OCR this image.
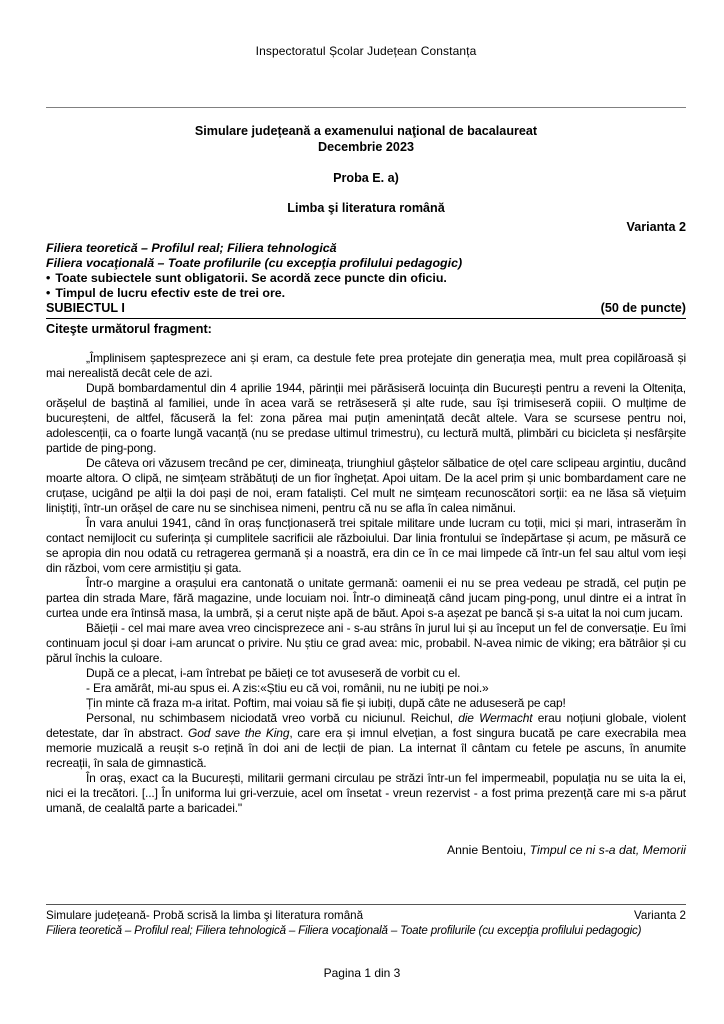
Inspectoratul Școlar Județean Constanța
Simulare județeană a examenului naţional de bacalaureat
Decembrie 2023
Proba E. a)
Limba şi literatura română
Varianta 2
Filiera teoretică – Profilul real; Filiera tehnologică
Filiera vocaţională – Toate profilurile (cu excepţia profilului pedagogic)
• Toate subiectele sunt obligatorii. Se acordă zece puncte din oficiu.
• Timpul de lucru efectiv este de trei ore.
SUBIECTUL I	(50 de puncte)
Citeşte următorul fragment:

„Împlinisem șaptesprezece ani și eram, ca destule fete prea protejate din generația mea, mult prea copilăroasă și mai nerealistă decât cele de azi.

După bombardamentul din 4 aprilie 1944, părinții mei părăsiseră locuința din București pentru a reveni la Oltenița, orășelul de baștină al familiei, unde în acea vară se retrăseseră și alte rude, sau își trimiseseră copiii. O mulțime de bucureșteni, de altfel, făcuseră la fel: zona părea mai puțin amenințată decât altele. Vara se scursese pentru noi, adolescenții, ca o foarte lungă vacanță (nu se predase ultimul trimestru), cu lectură multă, plimbări cu bicicleta și nesfârșite partide de ping-pong.

De câteva ori văzusem trecând pe cer, dimineața, triunghiul gâștelor sălbatice de oțel care sclipeau argintiu, ducând moarte altora. O clipă, ne simțeam străbătuți de un fior înghețat. Apoi uitam. De la acel prim și unic bombardament care ne cruțase, ucigând pe alții la doi pași de noi, eram fataliști. Cel mult ne simțeam recunoscători sorții: ea ne lăsa să viețuim liniștiți, într-un orășel de care nu se sinchisea nimeni, pentru că nu se afla în calea nimănui.

În vara anului 1941, când în oraș funcționaseră trei spitale militare unde lucram cu toții, mici și mari, intraserăm în contact nemijlocit cu suferința și cumplitele sacrificii ale războiului. Dar linia frontului se îndepărtase și acum, pe măsură ce se apropia din nou odată cu retragerea germană și a noastră, era din ce în ce mai limpede că într-un fel sau altul vom ieși din război, vom cere armistițiu și gata.

Într-o margine a orașului era cantonată o unitate germană: oamenii ei nu se prea vedeau pe stradă, cel puțin pe partea din strada Mare, fără magazine, unde locuiam noi. Într-o dimineață când jucam ping-pong, unul dintre ei a intrat în curtea unde era întinsă masa, la umbră, și a cerut niște apă de băut. Apoi s-a așezat pe bancă și s-a uitat la noi cum jucam.

Băieții - cel mai mare avea vreo cincisprezece ani - s-au strâns în jurul lui și au început un fel de conversație. Eu îmi continuam jocul și doar i-am aruncat o privire. Nu știu ce grad avea: mic, probabil. N-avea nimic de viking; era bătrâior și cu părul închis la culoare.

După ce a plecat, i-am întrebat pe băieți ce tot avuseseră de vorbit cu el.

- Era amărât, mi-au spus ei. A zis:«Știu eu că voi, românii, nu ne iubiți pe noi.»

Țin minte că fraza m-a iritat. Poftim, mai voiau să fie și iubiți, după câte ne aduseseră pe cap!

Personal, nu schimbasem niciodată vreo vorbă cu niciunul. Reichul, die Wermacht erau noțiuni globale, violent detestate, dar în abstract. God save the King, care era și imnul elvețian, a fost singura bucată pe care execrabila mea memorie muzicală a reușit s-o rețină în doi ani de lecții de pian. La internat îl cântam cu fetele pe ascuns, în anumite recreații, în sala de gimnastică.

În oraș, exact ca la București, militarii germani circulau pe străzi într-un fel impermeabil, populația nu se uita la ei, nici ei la trecători. [...] În uniforma lui gri-verzuie, acel om însetat - vreun rezervist - a fost prima prezență care mi s-a părut umană, de cealaltă parte a baricadei."

Annie Bentoiu, Timpul ce ni s-a dat, Memorii
Simulare județeană- Probă scrisă la limba şi literatura română	Varianta 2
Filiera teoretică – Profilul real; Filiera tehnologică – Filiera vocaţională – Toate profilurile (cu excepţia profilului pedagogic)
Pagina 1 din 3
